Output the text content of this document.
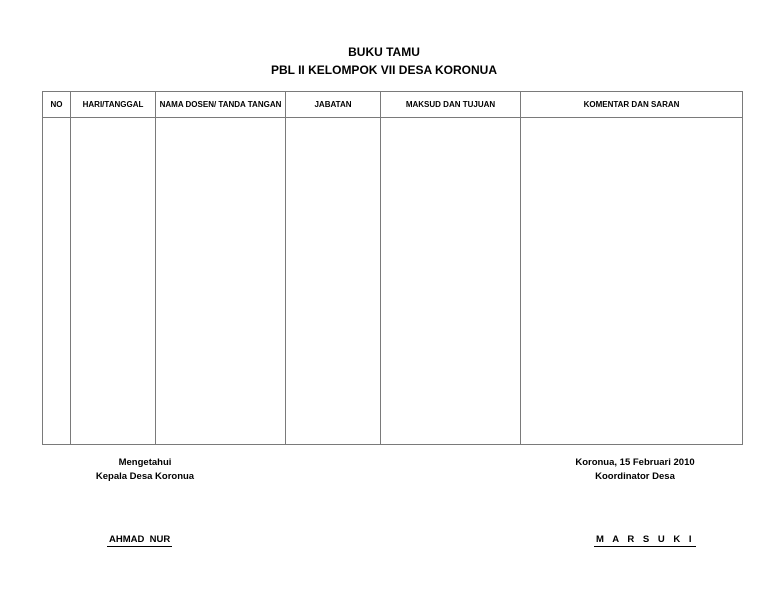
BUKU TAMU
PBL II KELOMPOK VII DESA KORONUA
NO	HARI/TANGGAL	NAMA DOSEN/ TANDA TANGAN	JABATAN	MAKSUD DAN TUJUAN	KOMENTAR DAN SARAN

Mengetahui
Kepala Desa Koronua
Koronua, 15 Februari 2010
Koordinator Desa
AHMAD  NUR	M A R S U K I
